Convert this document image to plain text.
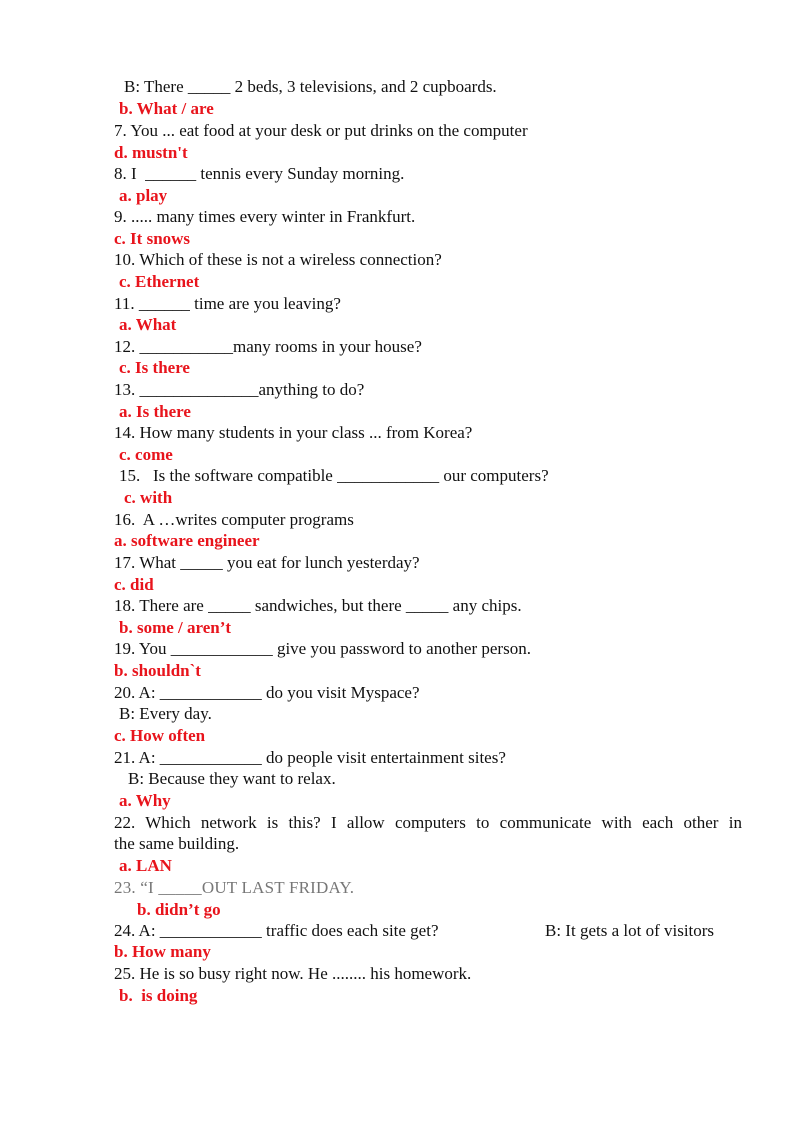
B: There _____ 2 beds, 3 televisions, and 2 cupboards.
b. What / are
7. You ... eat food at your desk or put drinks on the computer
d. mustn't
8. I  ______ tennis every Sunday morning.
a. play
9. ..... many times every winter in Frankfurt.
c. It snows
10. Which of these is not a wireless connection?
c. Ethernet
11. ______ time are you leaving?
a. What
12. ___________many rooms in your house?
c. Is there
13. ______________anything to do?
a. Is there
14. How many students in your class ... from Korea?
c. come
15.   Is the software compatible ____________ our computers?
c. with
16.  A …writes computer programs
a. software engineer
17. What _____ you eat for lunch yesterday?
c. did
18. There are _____ sandwiches, but there _____ any chips.
b. some / aren’t
19. You ____________ give you password to another person.
b. shouldn`t
20. A: ____________ do you visit Myspace?
B: Every day.
c. How often
21. A: ____________ do people visit entertainment sites?
B: Because they want to relax.
a. Why
22. Which network is this? I allow computers to communicate with each other in
the same building.
a. LAN
23. “I _____OUT LAST FRIDAY.
b. didn’t go
24. A: ____________ traffic does each site get?	B: It gets a lot of visitors
b. How many
25. He is so busy right now. He ........ his homework.
b.  is doing
